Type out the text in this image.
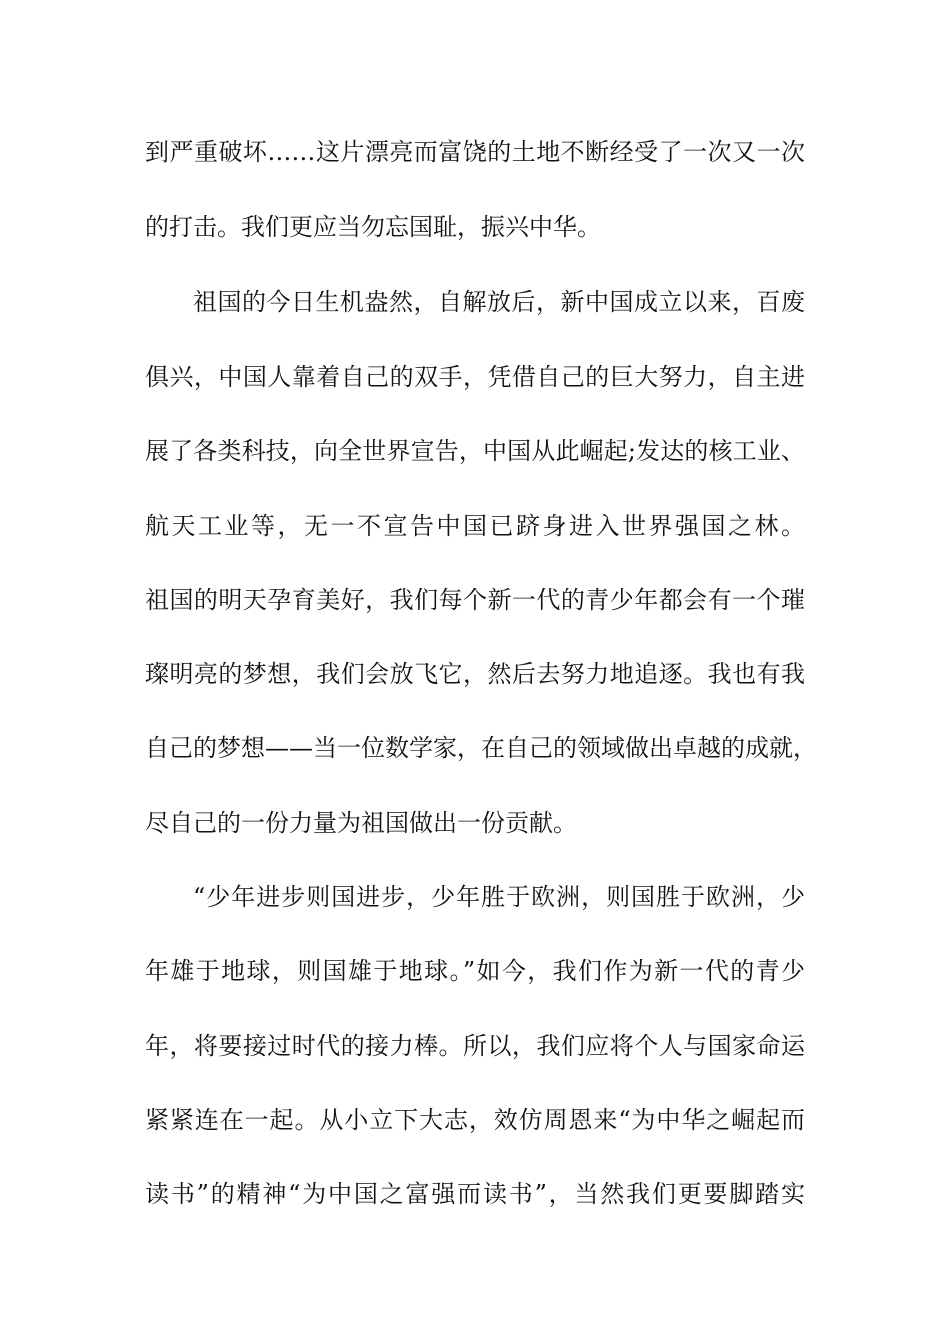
到严重破坏……这片漂亮而富饶的土地不断经受了一次又一次
的打击。我们更应当勿忘国耻，振兴中华。
祖国的今日生机盎然，自解放后，新中国成立以来，百废
俱兴，中国人靠着自己的双手，凭借自己的巨大努力，自主进
展了各类科技，向全世界宣告，中国从此崛起;发达的核工业、
航天工业等，无一不宣告中国已跻身进入世界强国之林。
祖国的明天孕育美好，我们每个新一代的青少年都会有一个璀
璨明亮的梦想，我们会放飞它，然后去努力地追逐。我也有我
自己的梦想——当一位数学家，在自己的领域做出卓越的成就，
尽自己的一份力量为祖国做出一份贡献。
“少年进步则国进步，少年胜于欧洲，则国胜于欧洲，少
年雄于地球，则国雄于地球。”如今，我们作为新一代的青少
年，将要接过时代的接力棒。所以，我们应将个人与国家命运
紧紧连在一起。从小立下大志，效仿周恩来“为中华之崛起而
读书”的精神“为中国之富强而读书”，当然我们更要脚踏实
